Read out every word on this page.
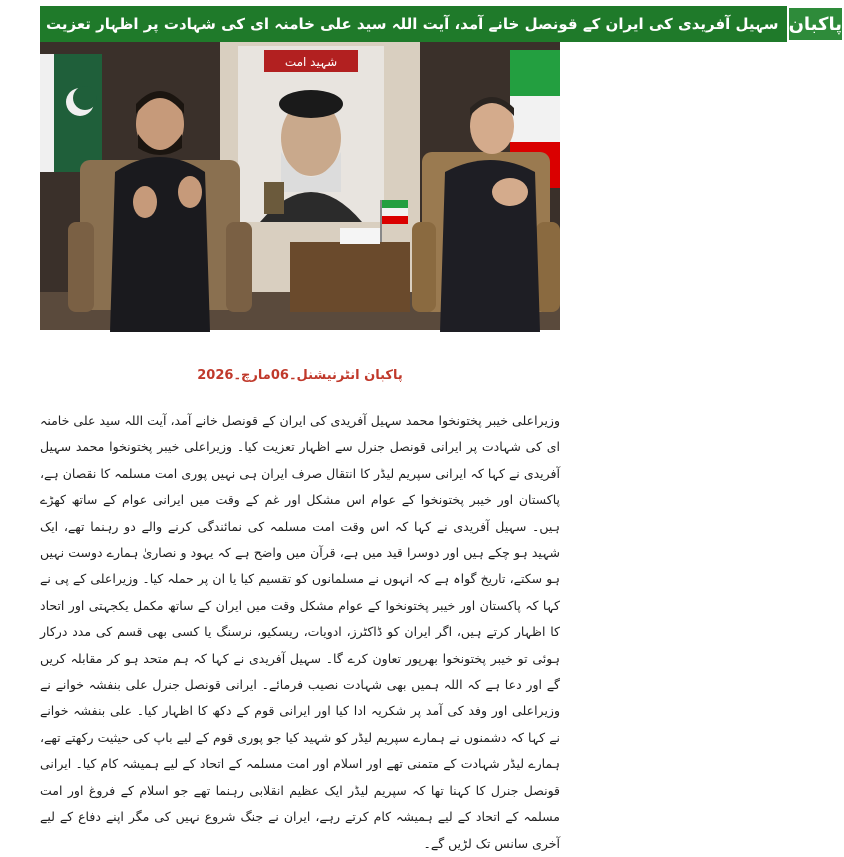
سہیل آفریدی کی ایران کے قونصل خانے آمد، آیت اللہ سید علی خامنہ ای کی شہادت پر اظہار تعزیت پاکبان
شہید امت
پاکبان انٹرنیشنل۔06مارچ۔2026
وزیراعلی خیبر پختونخوا محمد سہیل آفریدی کی ایران کے قونصل خانے آمد، آیت اللہ سید علی خامنہ ای کی شہادت پر ایرانی قونصل جنرل سے اظہار تعزیت کیا۔ وزیراعلی خیبر پختونخوا محمد سہیل آفریدی نے کہا کہ ایرانی سپریم لیڈر کا انتقال صرف ایران ہی نہیں پوری امت مسلمہ کا نقصان ہے، پاکستان اور خیبر پختونخوا کے عوام اس مشکل اور غم کے وقت میں ایرانی عوام کے ساتھ کھڑے ہیں۔ سہیل آفریدی نے کہا کہ اس وقت امت مسلمہ کی نمائندگی کرنے والے دو رہنما تھے، ایک شہید ہو چکے ہیں اور دوسرا قید میں ہے، قرآن میں واضح ہے کہ یہود و نصاریٰ ہمارے دوست نہیں ہو سکتے، تاریخ گواہ ہے کہ انہوں نے مسلمانوں کو تقسیم کیا یا ان پر حملہ کیا۔ وزیراعلی کے پی نے کہا کہ پاکستان اور خیبر پختونخوا کے عوام مشکل وقت میں ایران کے ساتھ مکمل یکجہتی اور اتحاد کا اظہار کرتے ہیں، اگر ایران کو ڈاکٹرز، ادویات، ریسکیو، نرسنگ یا کسی بھی قسم کی مدد درکار ہوئی تو خیبر پختونخوا بھرپور تعاون کرے گا۔ سہیل آفریدی نے کہا کہ ہم متحد ہو کر مقابلہ کریں گے اور دعا ہے کہ اللہ ہمیں بھی شہادت نصیب فرمائے۔ ایرانی قونصل جنرل علی بنفشہ خوانے نے وزیراعلی اور وفد کی آمد پر شکریہ ادا کیا اور ایرانی قوم کے دکھ کا اظہار کیا۔ علی بنفشہ خوانے نے کہا کہ دشمنوں نے ہمارے سپریم لیڈر کو شہید کیا جو پوری قوم کے لیے باپ کی حیثیت رکھتے تھے، ہمارے لیڈر شہادت کے متمنی تھے اور اسلام اور امت مسلمہ کے اتحاد کے لیے ہمیشہ کام کیا۔ ایرانی قونصل جنرل کا کہنا تھا کہ سپریم لیڈر ایک عظیم انقلابی رہنما تھے جو اسلام کے فروغ اور امت مسلمہ کے اتحاد کے لیے ہمیشہ کام کرتے رہے، ایران نے جنگ شروع نہیں کی مگر اپنے دفاع کے لیے آخری سانس تک لڑیں گے۔
